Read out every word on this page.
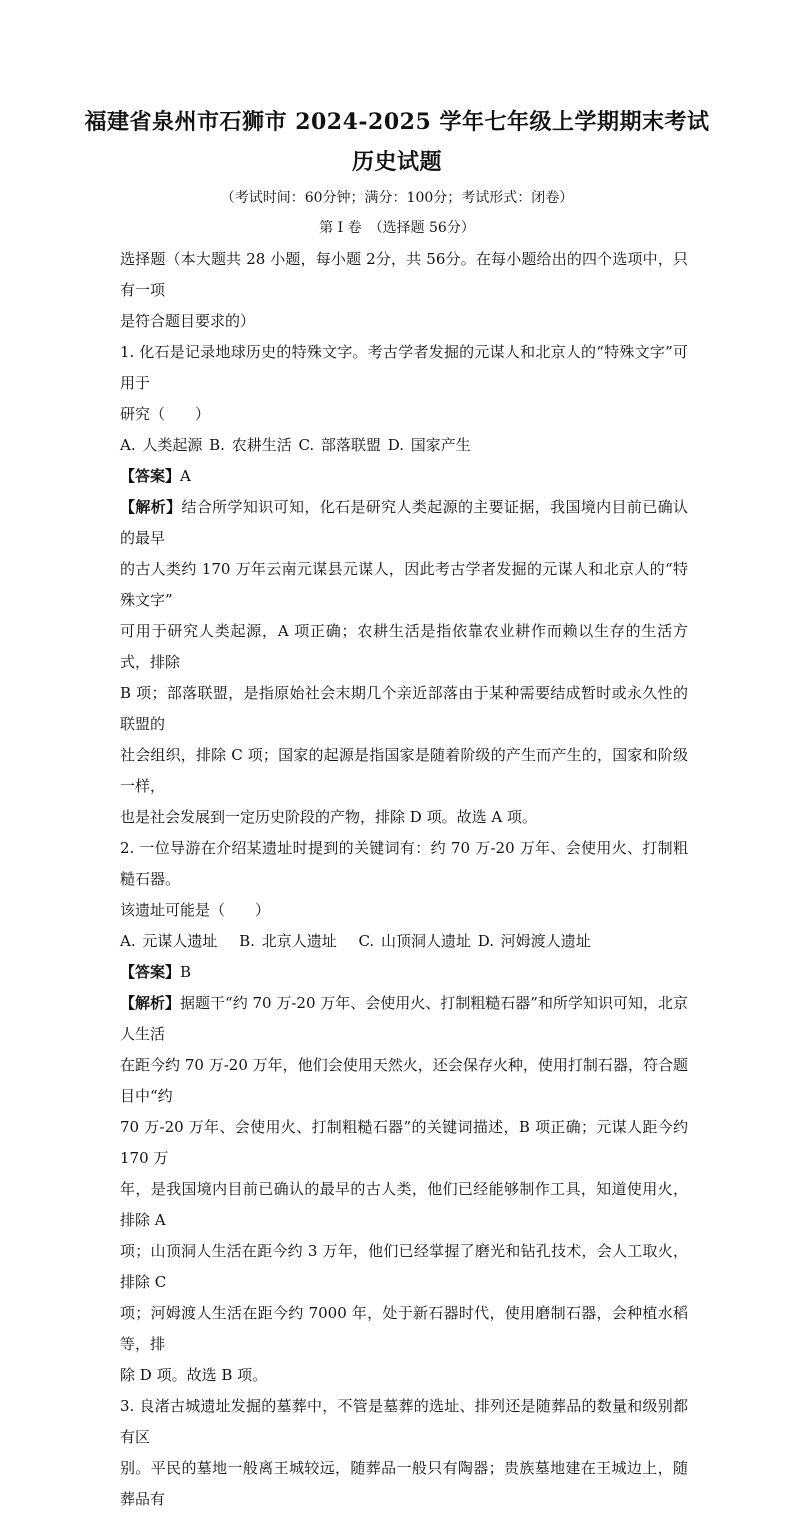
福建省泉州市石狮市 2024-2025 学年七年级上学期期末考试
历史试题
（考试时间：60分钟；满分：100分；考试形式：闭卷）
第 I 卷　（选择题 56分）

选择题（本大题共 28 小题，每小题 2分，共 56分。在每小题给出的四个选项中，只有一项

是符合题目要求的）

1. 化石是记录地球历史的特殊文字。考古学者发掘的元谋人和北京人的“特殊文字”可用于

研究（　　）

A. 人类起源 B. 农耕生活 C. 部落联盟 D. 国家产生

【答案】A

【解析】结合所学知识可知，化石是研究人类起源的主要证据，我国境内目前已确认的最早

的古人类约 170 万年云南元谋县元谋人，因此考古学者发掘的元谋人和北京人的“特殊文字”

可用于研究人类起源，A 项正确；农耕生活是指依靠农业耕作而赖以生存的生活方式，排除

B 项；部落联盟，是指原始社会末期几个亲近部落由于某种需要结成暂时或永久性的联盟的

社会组织，排除 C 项；国家的起源是指国家是随着阶级的产生而产生的，国家和阶级一样，

也是社会发展到一定历史阶段的产物，排除 D 项。故选 A 项。

2. 一位导游在介绍某遗址时提到的关键词有：约 70 万-20 万年、会使用火、打制粗糙石器。

该遗址可能是（　　）

A. 元谋人遗址　 B. 北京人遗址　 C. 山顶洞人遗址 D. 河姆渡人遗址

【答案】B

【解析】据题干“约 70 万-20 万年、会使用火、打制粗糙石器”和所学知识可知，北京人生活

在距今约 70 万-20 万年，他们会使用天然火，还会保存火种，使用打制石器，符合题目中“约

70 万-20 万年、会使用火、打制粗糙石器”的关键词描述，B 项正确；元谋人距今约 170 万

年，是我国境内目前已确认的最早的古人类，他们已经能够制作工具，知道使用火，排除 A

项；山顶洞人生活在距今约 3 万年，他们已经掌握了磨光和钻孔技术，会人工取火，排除 C

项；河姆渡人生活在距今约 7000 年，处于新石器时代，使用磨制石器，会种植水稻等，排

除 D 项。故选 B 项。

3. 良渚古城遗址发掘的墓葬中，不管是墓葬的选址、排列还是随葬品的数量和级别都有区

别。平民的墓地一般离王城较远，随葬品一般只有陶器；贵族墓地建在王城边上，随葬品有
